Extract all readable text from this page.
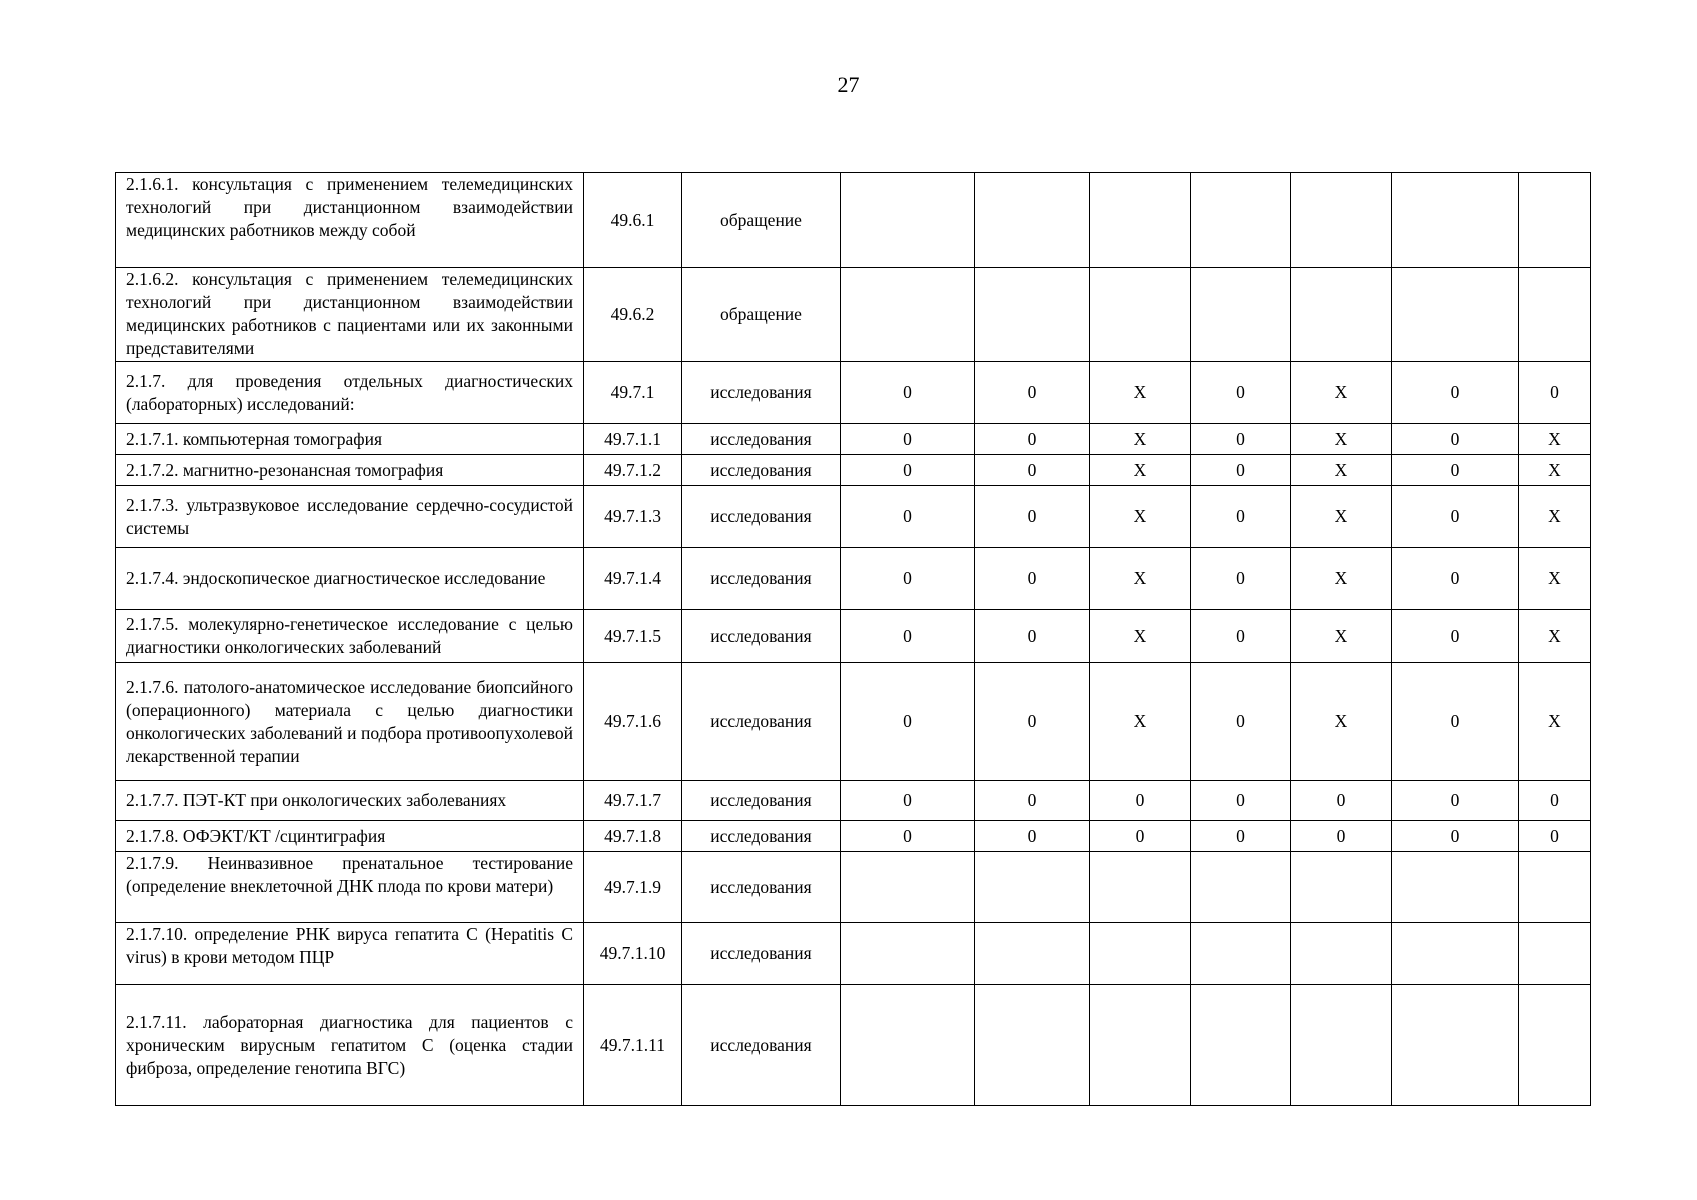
27
2.1.6.1. консультация с применением телемедицинских технологий при дистанционном взаимодействии медицинских работников между собой	49.6.1	обращение							
2.1.6.2. консультация с применением телемедицинских технологий при дистанционном взаимодействии медицинских работников с пациентами или их законными представителями	49.6.2	обращение							
2.1.7. для проведения отдельных диагностических (лабораторных) исследований:	49.7.1	исследования	0	0	Х	0	Х	0	0
2.1.7.1. компьютерная томография	49.7.1.1	исследования	0	0	Х	0	Х	0	Х
2.1.7.2. магнитно-резонансная томография	49.7.1.2	исследования	0	0	Х	0	Х	0	Х
2.1.7.3. ультразвуковое исследование сердечно-сосудистой системы	49.7.1.3	исследования	0	0	Х	0	Х	0	Х
2.1.7.4. эндоскопическое диагностическое исследование	49.7.1.4	исследования	0	0	Х	0	Х	0	Х
2.1.7.5. молекулярно-генетическое исследование с целью диагностики онкологических заболеваний	49.7.1.5	исследования	0	0	Х	0	Х	0	Х
2.1.7.6. патолого-анатомическое исследование биопсийного (операционного) материала с целью диагностики онкологических заболеваний и подбора противоопухолевой лекарственной терапии	49.7.1.6	исследования	0	0	Х	0	Х	0	Х
2.1.7.7. ПЭТ-КТ при онкологических заболеваниях	49.7.1.7	исследования	0	0	0	0	0	0	0
2.1.7.8. ОФЭКТ/КТ /сцинтиграфия	49.7.1.8	исследования	0	0	0	0	0	0	0
2.1.7.9. Неинвазивное пренатальное тестирование (определение внеклеточной ДНК плода по крови матери)	49.7.1.9	исследования							
2.1.7.10. определение РНК вируса гепатита С (Hepatitis C virus) в крови методом ПЦР	49.7.1.10	исследования							
2.1.7.11. лабораторная диагностика для пациентов с хроническим вирусным гепатитом С (оценка стадии фиброза, определение генотипа ВГС)	49.7.1.11	исследования							
